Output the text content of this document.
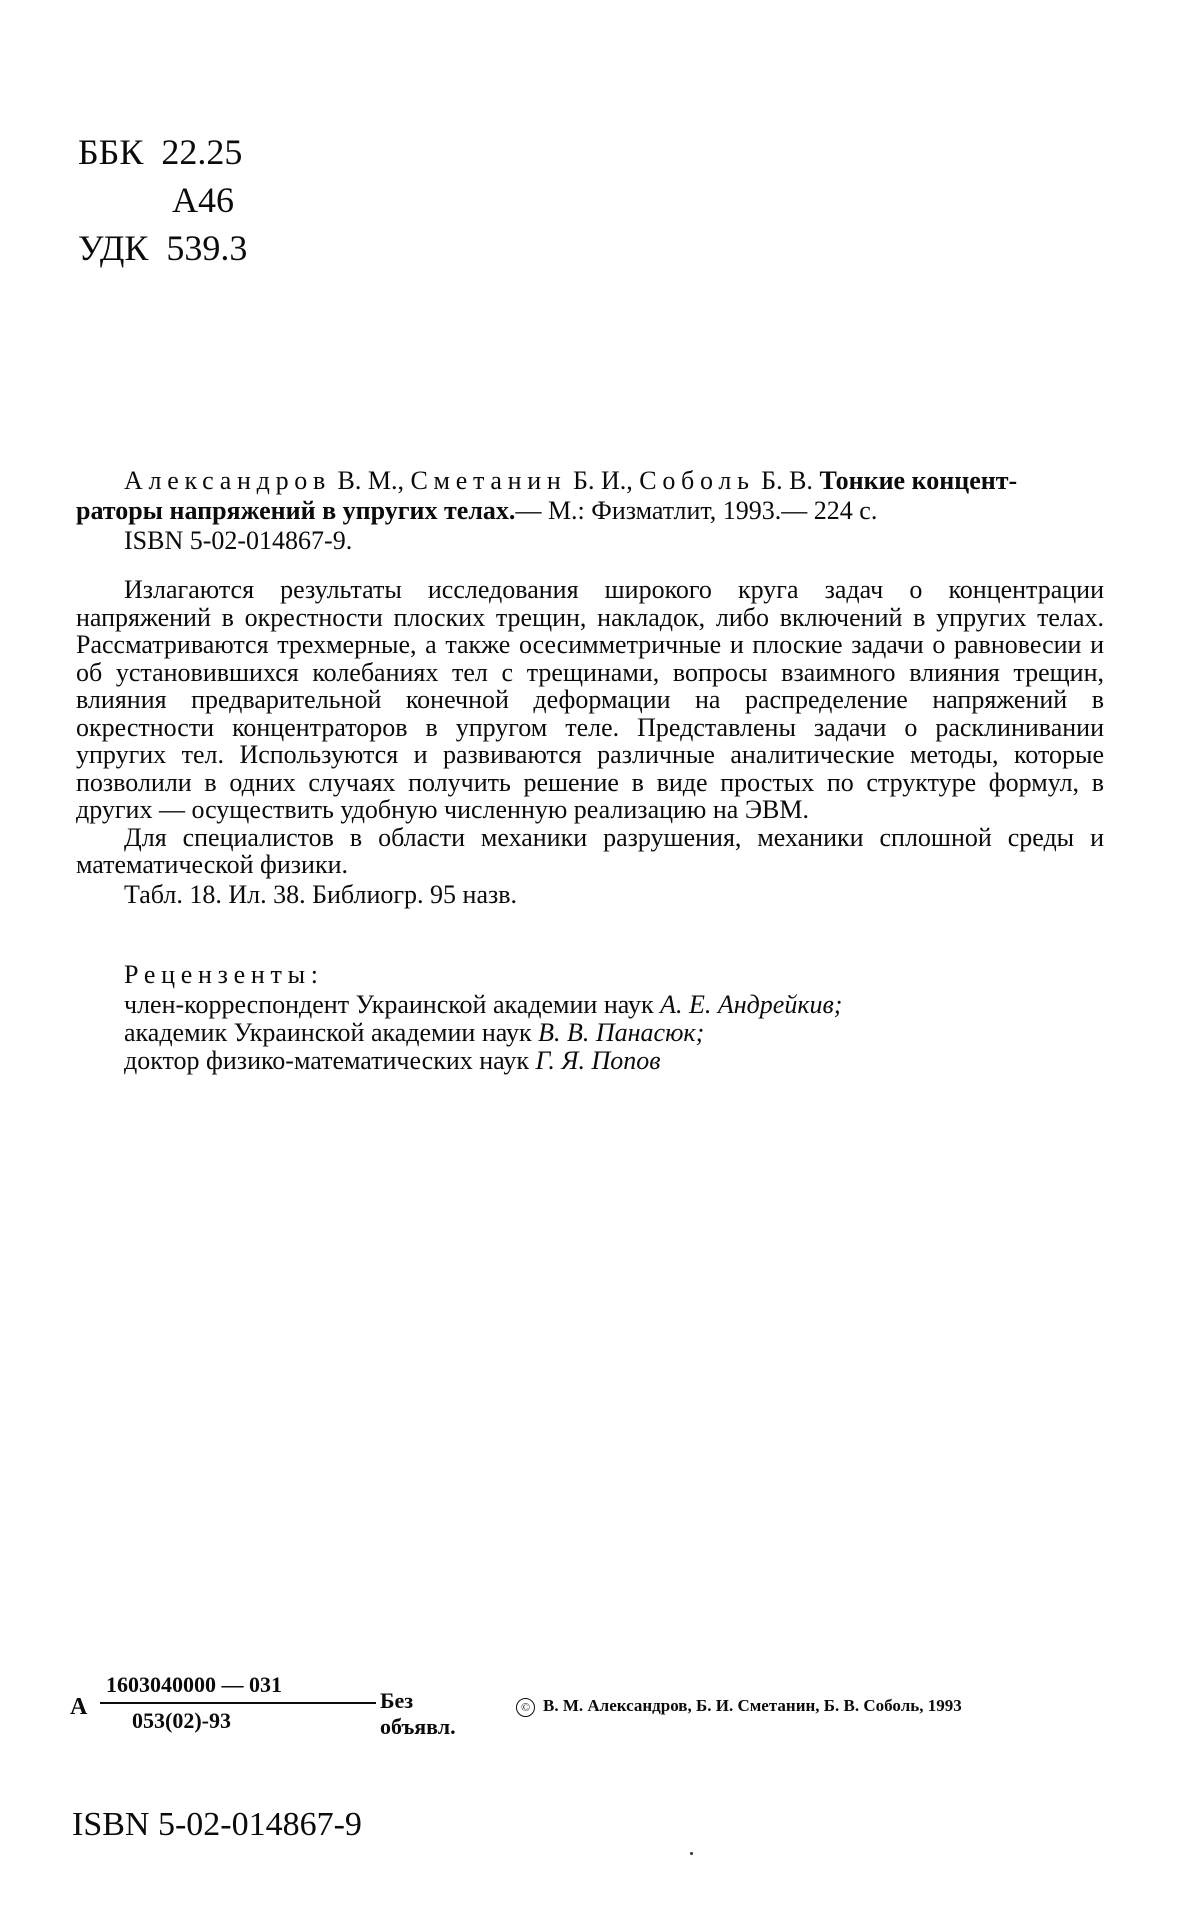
ББК 22.25
А46
УДК 539.3
Александров В. М., Сметанин Б. И., Соболь Б. В. Тонкие концент-
раторы напряжений в упругих телах.— М.: Физматлит, 1993.— 224 с.
ISBN 5-02-014867-9.

Излагаются результаты исследования широкого круга задач о концентрации напряжений в окрестности плоских трещин, накладок, либо включений в упругих телах. Рассматриваются трехмерные, а также осесимметричные и плоские задачи о равновесии и об установившихся колебаниях тел с трещинами, вопросы взаимного влияния трещин, влияния предварительной конечной деформации на распределение напряжений в окрестности концентраторов в упругом теле. Представлены задачи о расклинивании упругих тел. Используются и развиваются различные аналитические методы, которые позволили в одних случаях получить решение в виде простых по структуре формул, в других — осуществить удобную численную реализацию на ЭВМ.

Для специалистов в области механики разрушения, механики сплошной среды и математической физики.

Табл. 18. Ил. 38. Библиогр. 95 назв.
Рецензенты:
член-корреспондент Украинской академии наук А. Е. Андрейкив;
академик Украинской академии наук В. В. Панасюк;
доктор физико-математических наук Г. Я. Попов
А
1603040000 — 031
053(02)-93
Без объявл.
© В. М. Александров, Б. И. Сметанин, Б. В. Соболь, 1993
ISBN 5-02-014867-9
